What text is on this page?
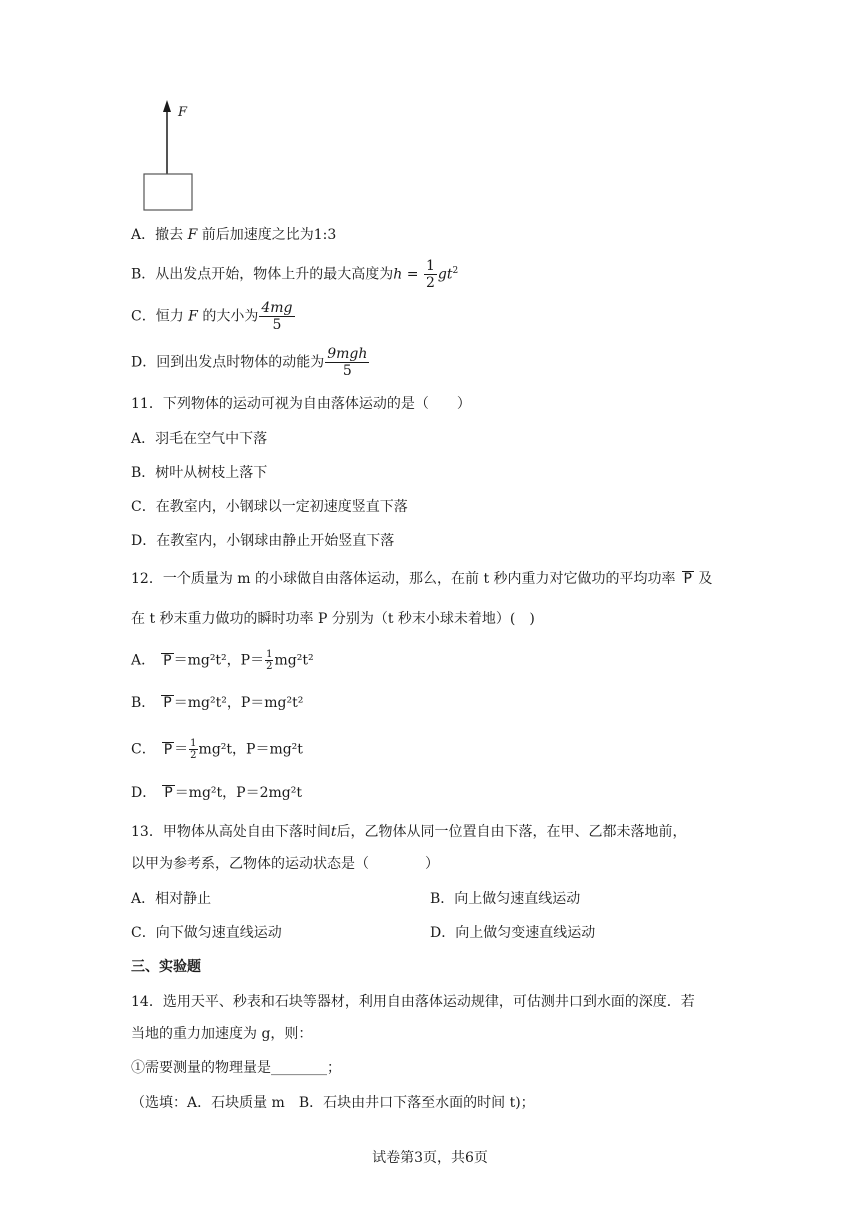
F
A．撤去 F 前后加速度之比为1:3
B．从出发点开始，物体上升的最大高度为$h = \frac{1}{2} gt^2$
C．恒力 F 的大小为 $\frac{4mg}{5}$
D．回到出发点时物体的动能为 $\frac{\text{9mgh}}{5}$
11．下列物体的运动可视为自由落体运动的是（　　）
A．羽毛在空气中下落
B．树叶从树枝上落下
C．在教室内，小钢球以一定初速度竖直下落
D．在教室内，小钢球由静止开始竖直下落
12．一个质量为 m 的小球做自由落体运动，那么，在前 t 秒内重力对它做功的平均功率 P 及
在 t 秒末重力做功的瞬时功率 P 分别为（t 秒末小球未着地）(　)
A． P ＝mg²t²，$P= \frac{1}{2} mg^2t^2$
B． P ＝mg²t²，P＝mg²t²
C． $P = \frac{1}{2} mg^2t$，P＝mg²t
D． P ＝mg²t，P＝2mg²t
13．甲物体从高处自由下落时间t后，乙物体从同一位置自由下落，在甲、乙都未落地前，
以甲为参考系，乙物体的运动状态是（　　　　）
A．相对静止	B．向上做匀速直线运动
C．向下做匀速直线运动	D．向上做匀变速直线运动
三、实验题
14．选用天平、秒表和石块等器材，利用自由落体运动规律，可估测井口到水面的深度．若
当地的重力加速度为 g，则：
①需要测量的物理量是________；
（选填：A．石块质量 m　B．石块由井口下落至水面的时间 t)；
试卷第3页，共6页
